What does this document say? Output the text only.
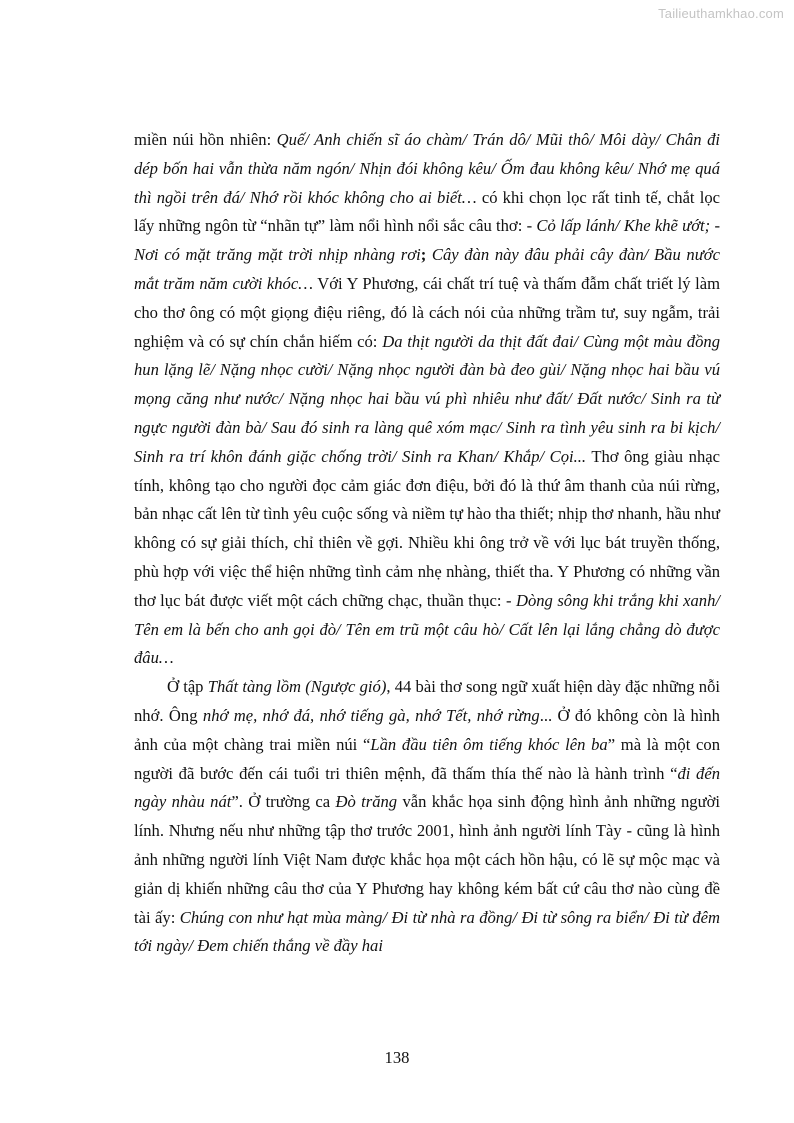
Tailieuthamkhao.com

miền núi hồn nhiên: Quế/ Anh chiến sĩ áo chàm/ Trán dô/ Mũi thô/ Môi dày/ Chân đi dép bốn hai vẫn thừa năm ngón/ Nhịn đói không kêu/ Ốm đau không kêu/ Nhớ mẹ quá thì ngồi trên đá/ Nhớ rồi khóc không cho ai biết… có khi chọn lọc rất tinh tế, chắt lọc lấy những ngôn từ “nhãn tự” làm nổi hình nổi sắc câu thơ: - Cỏ lấp lánh/ Khe khẽ ướt; - Nơi có mặt trăng mặt trời nhịp nhàng rơi; Cây đàn này đâu phải cây đàn/ Bầu nước mắt trăm năm cười khóc… Với Y Phương, cái chất trí tuệ và thấm đẫm chất triết lý làm cho thơ ông có một giọng điệu riêng, đó là cách nói của những trầm tư, suy ngẫm, trải nghiệm và có sự chín chắn hiếm có: Da thịt người da thịt đất đai/ Cùng một màu đồng hun lặng lẽ/ Nặng nhọc cười/ Nặng nhọc người đàn bà đeo gùi/ Nặng nhọc hai bầu vú mọng căng như nước/ Nặng nhọc hai bầu vú phì nhiêu như đất/ Đất nước/ Sinh ra từ ngực người đàn bà/ Sau đó sinh ra làng quê xóm mạc/ Sinh ra tình yêu sinh ra bi kịch/ Sinh ra trí khôn đánh giặc chống trời/ Sinh ra Khan/ Khắp/ Cọi... Thơ ông giàu nhạc tính, không tạo cho người đọc cảm giác đơn điệu, bởi đó là thứ âm thanh của núi rừng, bản nhạc cất lên từ tình yêu cuộc sống và niềm tự hào tha thiết; nhịp thơ nhanh, hầu như không có sự giải thích, chỉ thiên về gợi. Nhiều khi ông trở về với lục bát truyền thống, phù hợp với việc thể hiện những tình cảm nhẹ nhàng, thiết tha. Y Phương có những vần thơ lục bát được viết một cách chững chạc, thuần thục: - Dòng sông khi trắng khi xanh/ Tên em là bến cho anh gọi đò/ Tên em trũ một câu hò/ Cất lên lại lắng chẳng dò được đâu…

Ở tập Thất tàng lồm (Ngược gió), 44 bài thơ song ngữ xuất hiện dày đặc những nỗi nhớ. Ông nhớ mẹ, nhớ đá, nhớ tiếng gà, nhớ Tết, nhớ rừng... Ở đó không còn là hình ảnh của một chàng trai miền núi “Lần đầu tiên ôm tiếng khóc lên ba” mà là một con người đã bước đến cái tuổi tri thiên mệnh, đã thấm thía thế nào là hành trình “đi đến ngày nhàu nát”. Ở trường ca Đò trăng vẫn khắc họa sinh động hình ảnh những người lính. Nhưng nếu như những tập thơ trước 2001, hình ảnh người lính Tày - cũng là hình ảnh những người lính Việt Nam được khắc họa một cách hồn hậu, có lẽ sự mộc mạc và giản dị khiến những câu thơ của Y Phương hay không kém bất cứ câu thơ nào cùng đề tài ấy: Chúng con như hạt mùa màng/ Đi từ nhà ra đồng/ Đi từ sông ra biển/ Đi từ đêm tới ngày/ Đem chiến thắng về đầy hai

138
